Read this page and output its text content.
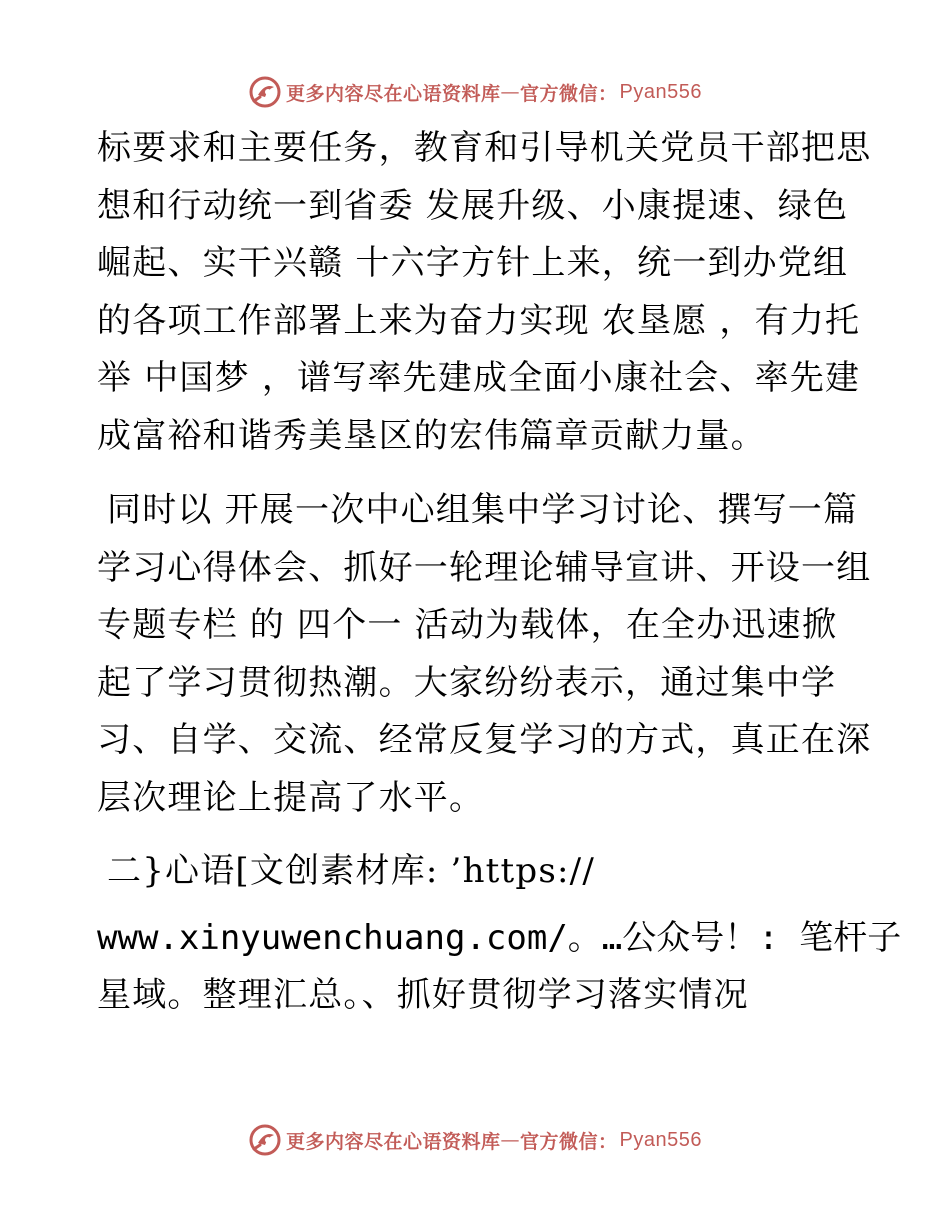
更多内容尽在心语资料库 — 官方微信： Pyan556

标要求和主要任务，教育和引导机关党员干部把思
想和行动统一到省委 发展升级、小康提速、绿色
崛起、实干兴赣 十六字方针上来，统一到办党组
的各项工作部署上来为奋力实现 农垦愿 ，有力托
举 中国梦 ，谱写率先建成全面小康社会、率先建
成富裕和谐秀美垦区的宏伟篇章贡献力量。

同时以 开展一次中心组集中学习讨论、撰写一篇
学习心得体会、抓好一轮理论辅导宣讲、开设一组
专题专栏 的 四个一 活动为载体，在全办迅速掀
起了学习贯彻热潮。大家纷纷表示，通过集中学
习、自学、交流、经常反复学习的方式，真正在深
层次理论上提高了水平。

二}心语[文创素材库: ’https://
www.xinyuwenchuang.com/。…公众号！: 笔杆子
星域。整理汇总。、抓好贯彻学习落实情况

更多内容尽在心语资料库 — 官方微信： Pyan556
